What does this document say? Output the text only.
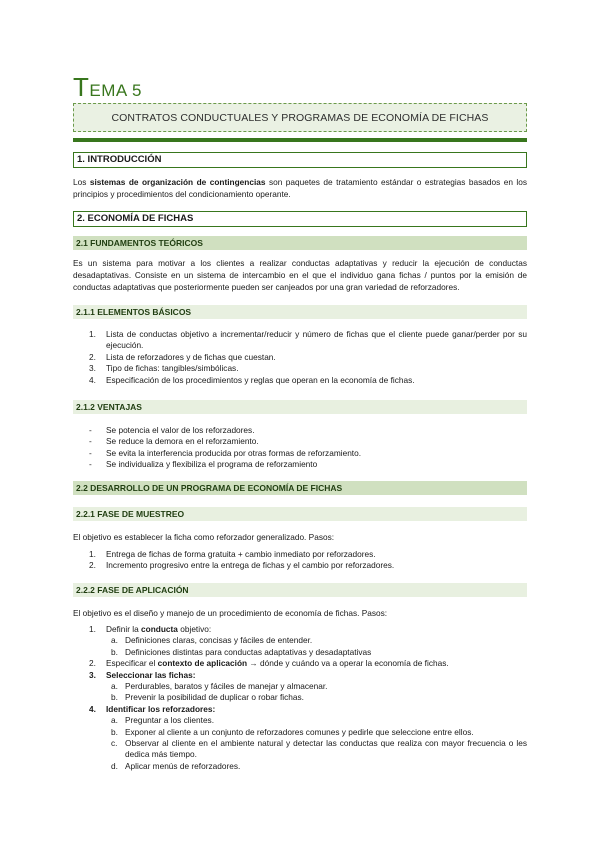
T EMA 5
CONTRATOS CONDUCTUALES Y PROGRAMAS DE ECONOMÍA DE FICHAS
1. INTRODUCCIÓN
Los sistemas de organización de contingencias son paquetes de tratamiento estándar o estrategias basados en los principios y procedimientos del condicionamiento operante.
2. ECONOMÍA DE FICHAS
2.1 FUNDAMENTOS TEÓRICOS
Es un sistema para motivar a los clientes a realizar conductas adaptativas y reducir la ejecución de conductas desadaptativas. Consiste en un sistema de intercambio en el que el individuo gana fichas / puntos por la emisión de conductas adaptativas que posteriormente pueden ser canjeados por una gran variedad de reforzadores.
2.1.1 ELEMENTOS BÁSICOS
1. Lista de conductas objetivo a incrementar/reducir y número de fichas que el cliente puede ganar/perder por su ejecución.
2. Lista de reforzadores y de fichas que cuestan.
3. Tipo de fichas: tangibles/simbólicas.
4. Especificación de los procedimientos y reglas que operan en la economía de fichas.
2.1.2 VENTAJAS
- Se potencia el valor de los reforzadores.
- Se reduce la demora en el reforzamiento.
- Se evita la interferencia producida por otras formas de reforzamiento.
- Se individualiza y flexibiliza el programa de reforzamiento
2.2 DESARROLLO DE UN PROGRAMA DE ECONOMÍA DE FICHAS
2.2.1 FASE DE MUESTREO
El objetivo es establecer la ficha como reforzador generalizado. Pasos:
1. Entrega de fichas de forma gratuita + cambio inmediato por reforzadores.
2. Incremento progresivo entre la entrega de fichas y el cambio por reforzadores.
2.2.2 FASE DE APLICACIÓN
El objetivo es el diseño y manejo de un procedimiento de economía de fichas. Pasos:
1. Definir la conducta objetivo:
a. Definiciones claras, concisas y fáciles de entender.
b. Definiciones distintas para conductas adaptativas y desadaptativas
2. Especificar el contexto de aplicación → dónde y cuándo va a operar la economía de fichas.
3. Seleccionar las fichas:
a. Perdurables, baratos y fáciles de manejar y almacenar.
b. Prevenir la posibilidad de duplicar o robar fichas.
4. Identificar los reforzadores:
a. Preguntar a los clientes.
b. Exponer al cliente a un conjunto de reforzadores comunes y pedirle que seleccione entre ellos.
c. Observar al cliente en el ambiente natural y detectar las conductas que realiza con mayor frecuencia o les dedica más tiempo.
d. Aplicar menús de reforzadores.
